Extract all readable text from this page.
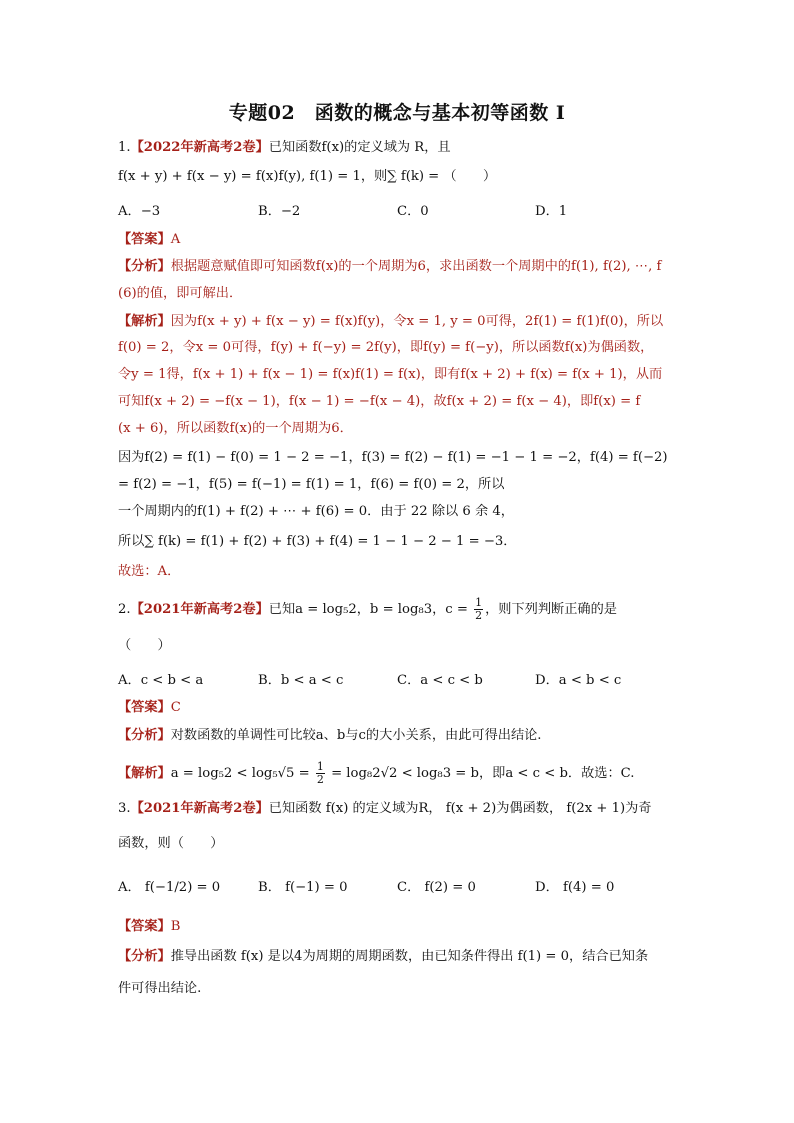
专题02　函数的概念与基本初等函数 Ⅰ
1.【2022年新高考2卷】已知函数f(x)的定义域为 R，且
f(x + y) + f(x − y) = f(x)f(y), f(1) = 1，则∑ f(k) = （　　）
A．−3	B．−2	C．0	D．1
【答案】A
【分析】根据题意赋值即可知函数f(x)的一个周期为6，求出函数一个周期中的f(1), f(2), ⋯, f
(6)的值，即可解出．
【解析】因为f(x + y) + f(x − y) = f(x)f(y)，令x = 1, y = 0可得，2f(1) = f(1)f(0)，所以
f(0) = 2，令x = 0可得，f(y) + f(−y) = 2f(y)，即f(y) = f(−y)，所以函数f(x)为偶函数，
令y = 1得，f(x + 1) + f(x − 1) = f(x)f(1) = f(x)，即有f(x + 2) + f(x) = f(x + 1)，从而
可知f(x + 2) = −f(x − 1)，f(x − 1) = −f(x − 4)，故f(x + 2) = f(x − 4)，即f(x) = f
(x + 6)，所以函数f(x)的一个周期为6．
因为f(2) = f(1) − f(0) = 1 − 2 = −1，f(3) = f(2) − f(1) = −1 − 1 = −2，f(4) = f(−2)
= f(2) = −1，f(5) = f(−1) = f(1) = 1，f(6) = f(0) = 2，所以
一个周期内的f(1) + f(2) + ⋯ + f(6) = 0．由于 22 除以 6 余 4，
所以∑ f(k) = f(1) + f(2) + f(3) + f(4) = 1 − 1 − 2 − 1 = −3．
故选：A．
2.【2021年新高考2卷】已知a = log₅2，b = log₈3，$c = \frac{1}{2}$ ，则下列判断正确的是
（　　）
A．c < b < a	B．b < a < c	C．a < c < b	D．a < b < c
【答案】C
【分析】对数函数的单调性可比较a、b与c的大小关系，由此可得出结论.
【解析】$a = \log_52 < \log_5√5 = \frac{1}{2} = \log_82√2 < \log_83 = b$，即a < c < b．故选：C.
3.【2021年新高考2卷】已知函数 f(x) 的定义域为R， f(x + 2)为偶函数， f(2x + 1)为奇
函数，则（　　）
A． f(−1/2) = 0	B． f(−1) = 0	C． f(2) = 0	D． f(4) = 0
【答案】B
【分析】推导出函数 f(x) 是以4为周期的周期函数，由已知条件得出 f(1) = 0，结合已知条
件可得出结论.
